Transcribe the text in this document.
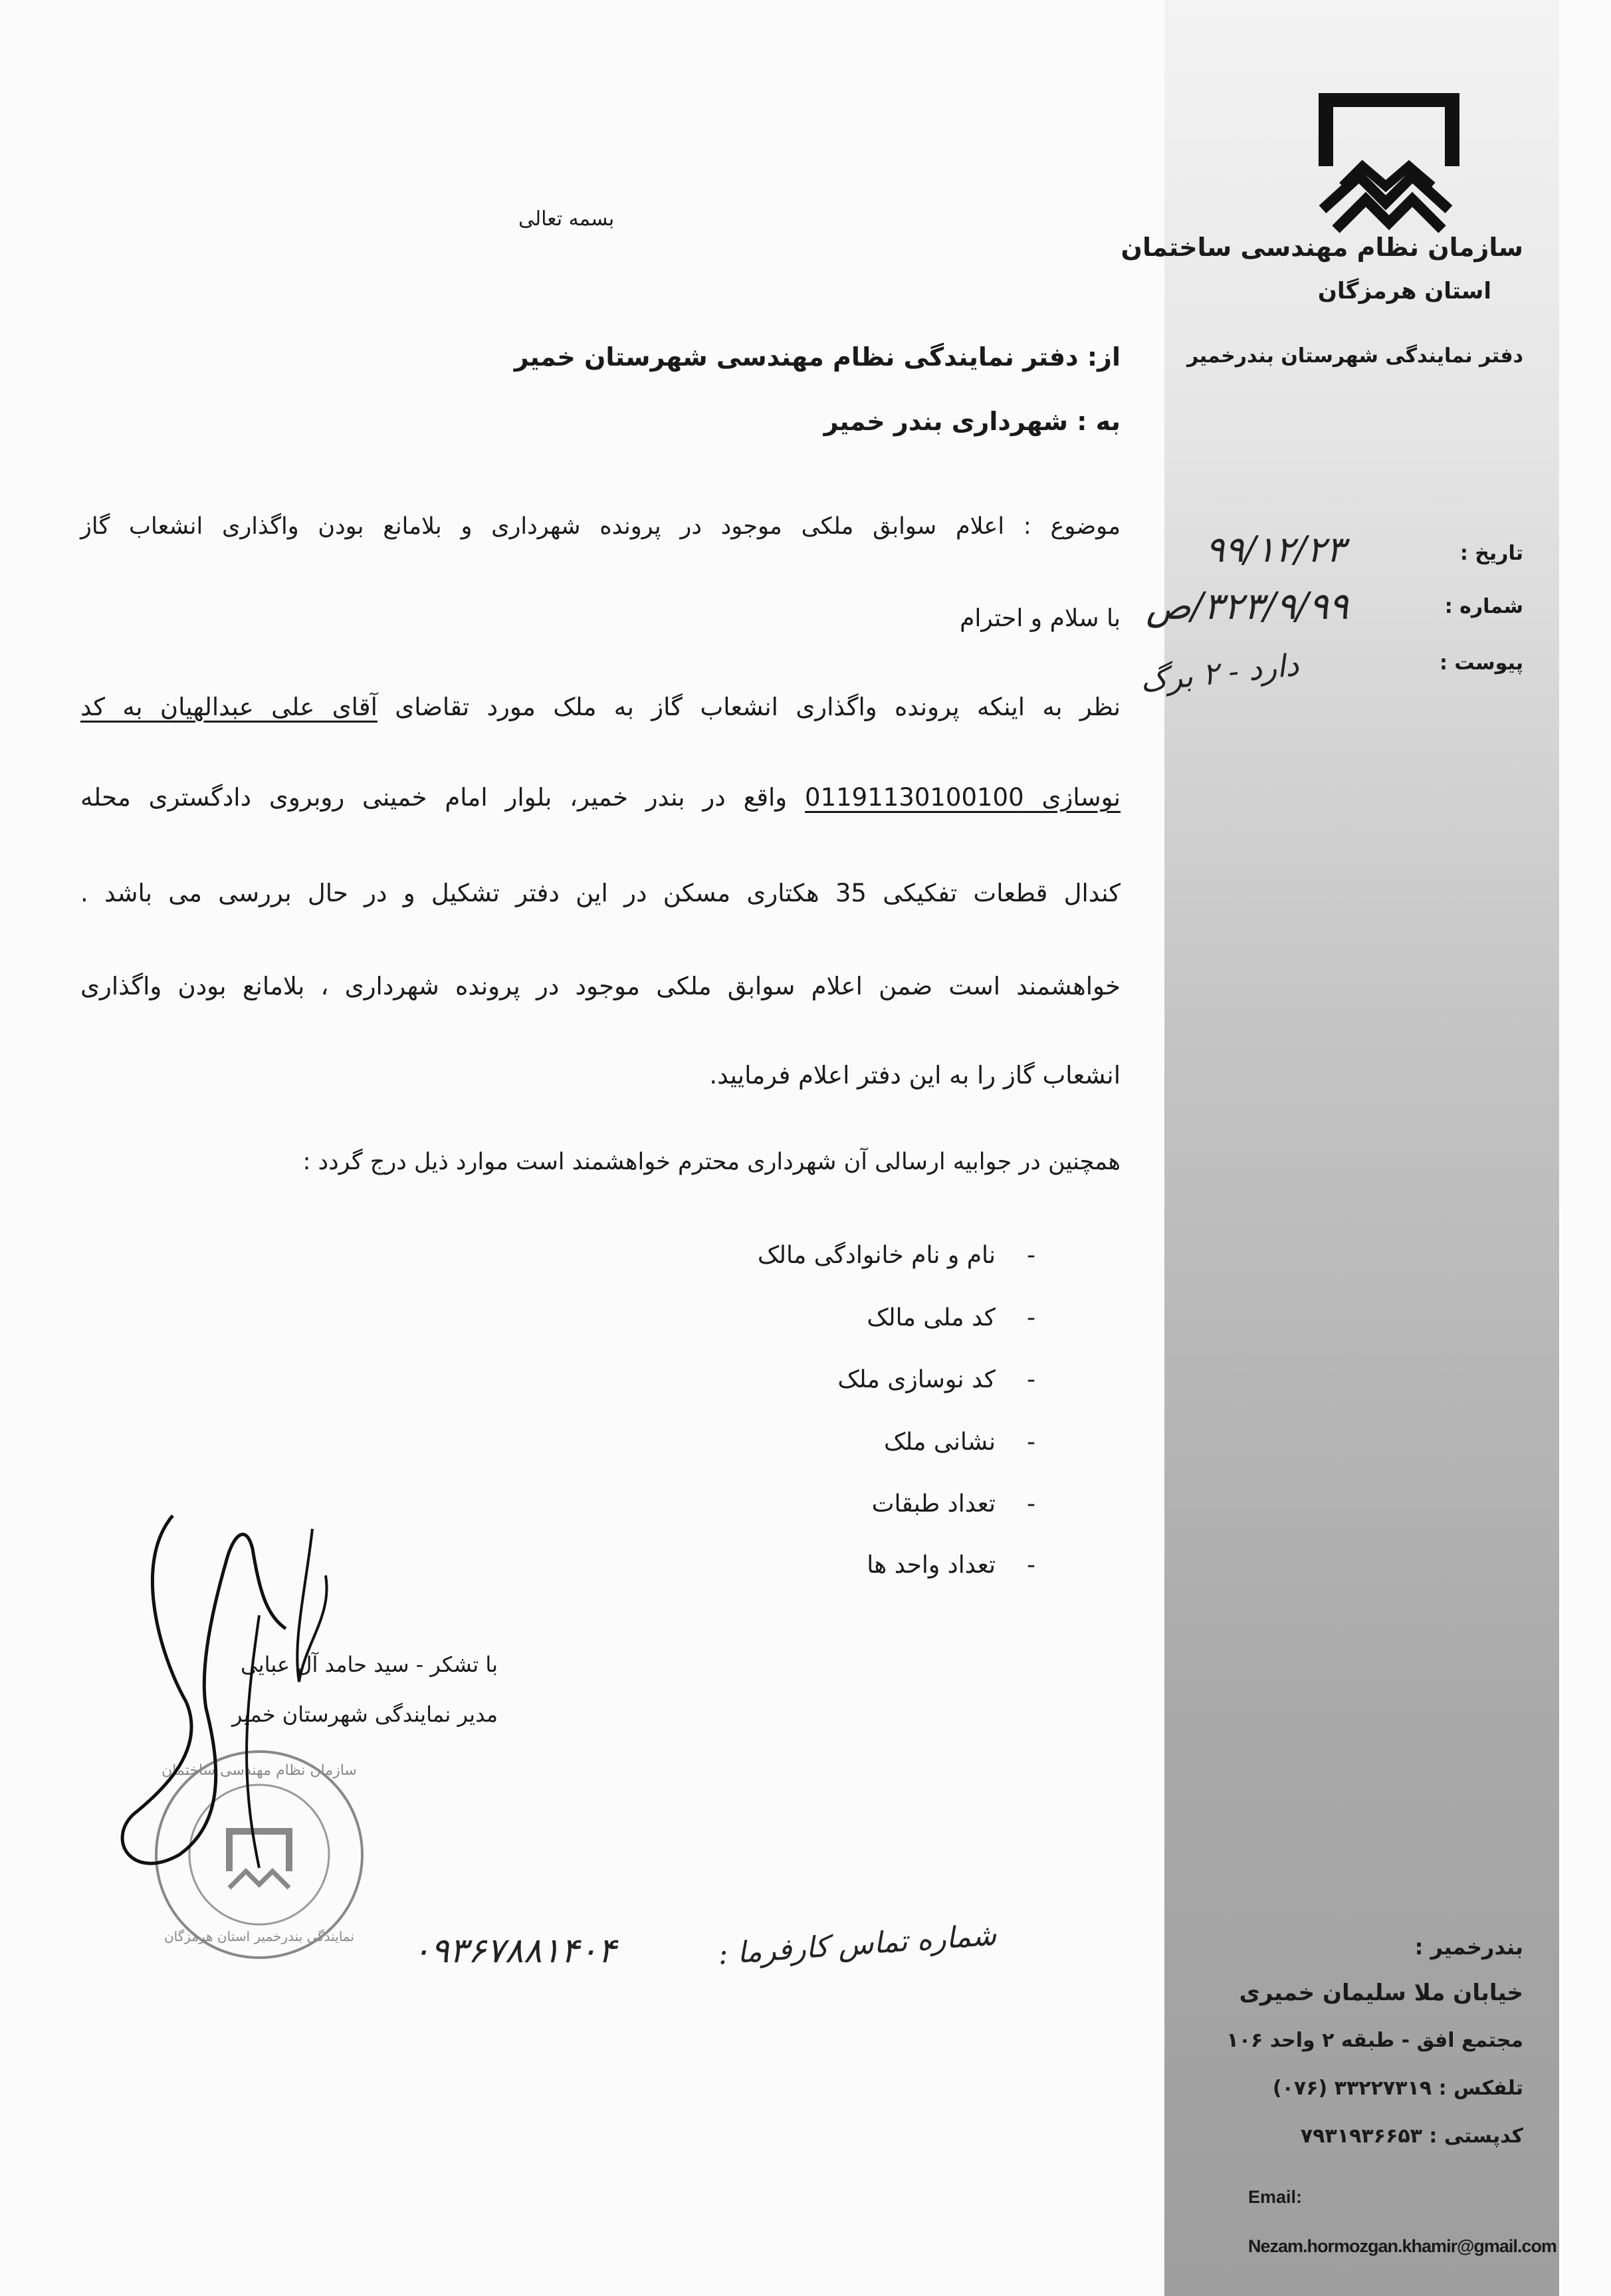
سازمان نظام مهندسی ساختمان
استان هرمزگان
دفتر نمایندگی شهرستان بندرخمیر
تاریخ :
۹۹/۱۲/۲۳
شماره :
۳۲۳/۹/۹۹/ص
پیوست :
دارد - ۲ برگ
بسمه تعالی
از: دفتر نمایندگی نظام مهندسی شهرستان خمیر
به : شهرداری بندر خمیر
موضوع : اعلام سوابق ملکی موجود در پرونده شهرداری و بلامانع بودن واگذاری انشعاب گاز
با سلام و احترام
نظر به اینکه پرونده واگذاری انشعاب گاز به ملک مورد تقاضای آقای علی عبدالهیان به کد
نوسازی 01191130100100 واقع در بندر خمیر، بلوار امام خمینی روبروی دادگستری محله
کندال قطعات تفکیکی 35 هکتاری مسکن در این دفتر تشکیل و در حال بررسی می باشد .
خواهشمند است ضمن اعلام سوابق ملکی موجود در پرونده شهرداری ، بلامانع بودن واگذاری
انشعاب گاز را به این دفتر اعلام فرمایید.
همچنین در جوابیه ارسالی آن شهرداری محترم خواهشمند است موارد ذیل درج گردد :
نام و نام خانوادگی مالک -
کد ملی مالک -
کد نوسازی ملک -
نشانی ملک -
تعداد طبقات -
تعداد واحد ها -
سازمان نظام مهندسی ساختمان
نمایندگی بندرخمیر استان هرمزگان
با تشکر - سید حامد آل عبایی
مدیر نمایندگی شهرستان خمیر
شماره تماس کارفرما :
۰۹۳۶۷۸۸۱۴۰۴	بندرخمیر :
خیابان ملا سلیمان خمیری
مجتمع افق - طبقه ۲ واحد ۱۰۶
تلفکس : ۳۳۲۲۷۳۱۹ (۰۷۶)
کدپستی : ۷۹۳۱۹۳۶۶۵۳
Email:
Nezam.hormozgan.khamir@gmail.com
